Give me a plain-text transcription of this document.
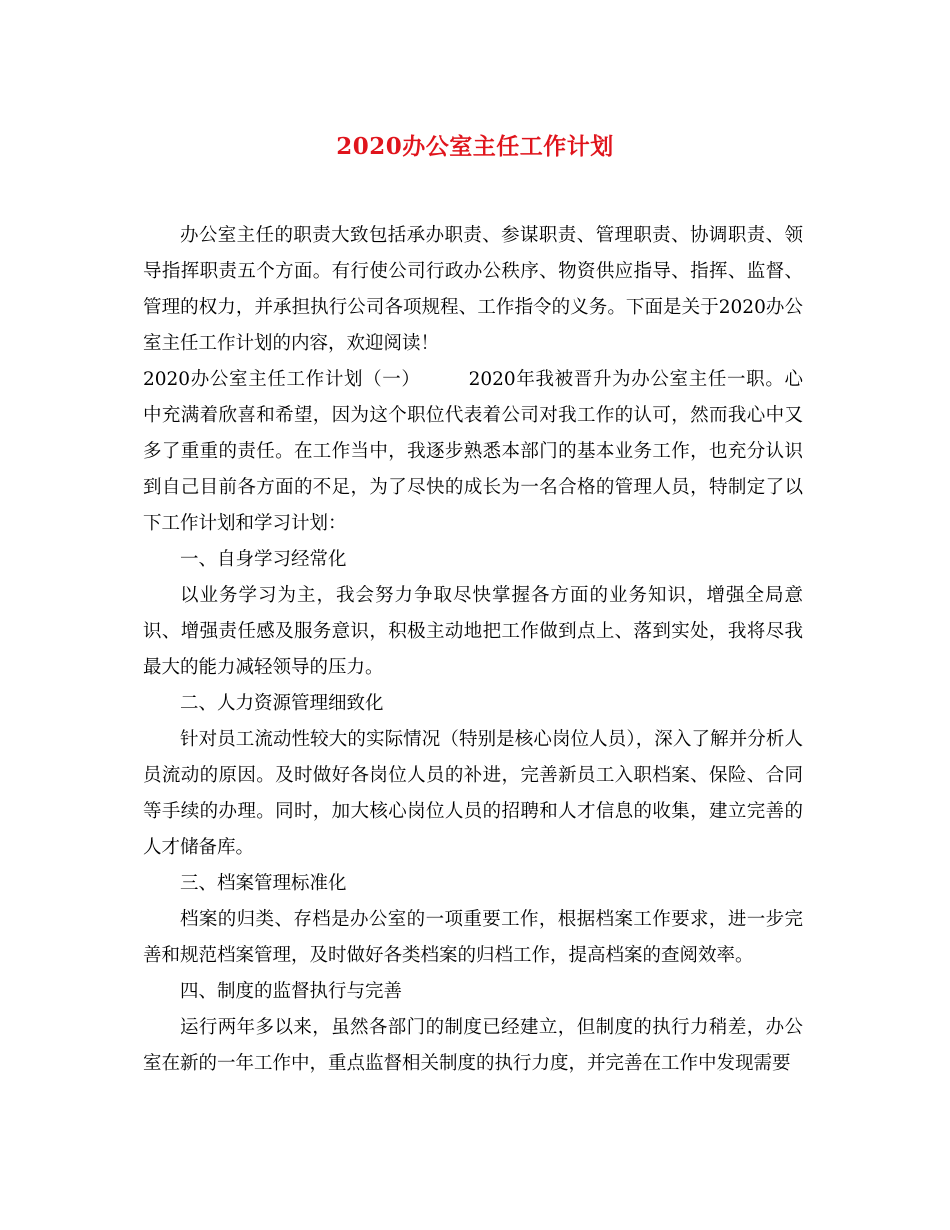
2020办公室主任工作计划

办公室主任的职责大致包括承办职责、参谋职责、管理职责、协调职责、领导指挥职责五个方面。有行使公司行政办公秩序、物资供应指导、指挥、监督、管理的权力，并承担执行公司各项规程、工作指令的义务。下面是关于2020办公室主任工作计划的内容，欢迎阅读！

2020办公室主任工作计划（一）	2020年我被晋升为办公室主任一职。心中充满着欣喜和希望，因为这个职位代表着公司对我工作的认可，然而我心中又多了重重的责任。在工作当中，我逐步熟悉本部门的基本业务工作，也充分认识到自己目前各方面的不足，为了尽快的成长为一名合格的管理人员，特制定了以下工作计划和学习计划：

一、自身学习经常化

以业务学习为主，我会努力争取尽快掌握各方面的业务知识，增强全局意识、增强责任感及服务意识，积极主动地把工作做到点上、落到实处，我将尽我最大的能力减轻领导的压力。

二、人力资源管理细致化

针对员工流动性较大的实际情况（特别是核心岗位人员），深入了解并分析人员流动的原因。及时做好各岗位人员的补进，完善新员工入职档案、保险、合同等手续的办理。同时，加大核心岗位人员的招聘和人才信息的收集，建立完善的人才储备库。

三、档案管理标准化

档案的归类、存档是办公室的一项重要工作，根据档案工作要求，进一步完善和规范档案管理，及时做好各类档案的归档工作，提高档案的查阅效率。

四、制度的监督执行与完善

运行两年多以来，虽然各部门的制度已经建立，但制度的执行力稍差，办公室在新的一年工作中，重点监督相关制度的执行力度，并完善在工作中发现需要
